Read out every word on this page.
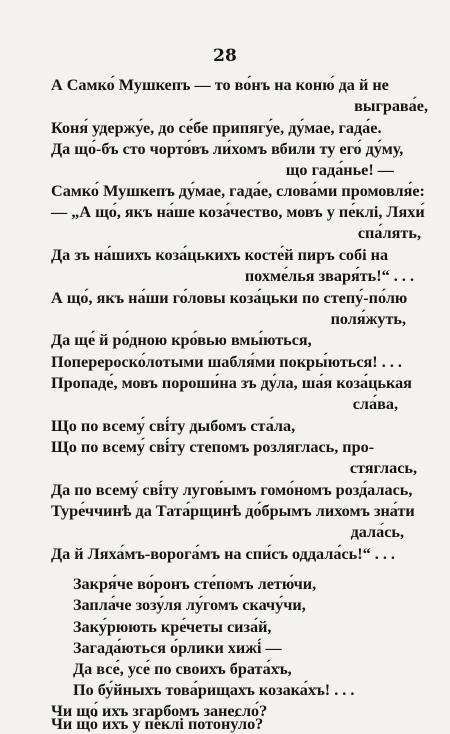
28
А Самко́ Мушкепъ — то во́нъ на коню́ да й не
выграва́е,
Коня́ удержу́е, до се́бе припягу́е, ду́мае, гада́е.
Да що́-бъ сто чорто́въ ли́хомъ вбили ту его́ ду́му,
що гада́нье! —
Самко́ Мушкепъ ду́мае, гада́е, слова́ми промовля́е:
— „А що́, якъ на́ше коза́чество, мовъ у пе́клі, Ляхи́
спа́лять,
Да зъ на́шихъ коза́цькихъ косте́й пиръ собі на
похме́лья зваря́ть!“ . . .
А що́, якъ на́ши го́ловы коза́цьки по степу́-по́лю
поля́жуть,
Да ще́ й ро́дною кро́вью вмы́ються,
Поперероско́лотыми шабля́ми покры́ються! . . .
Пропаде́, мовъ пороши́на зъ ду́ла, ша́я коза́цькая
сла́ва,
Що по всему́ сві́ту дыбомъ ста́ла,
Що по всему́ сві́ту степомъ розляглась, про-
стяглась,
Да по всему́ сві́ту лугов́ымъ гомо́номъ розд́алась,
Туре́ччинѣ да Тата́рщинѣ до́брымъ лихомъ зна́ти
дала́сь,
Да й Ляха́мъ-ворога́мъ на спи́съ оддала́сь!“ . . .
Закря́че во́ронъ сте́помъ летю́чи,
Запла́че зозу́ля лу́гомъ скачу́чи,
Заку́рюють кре́четы сиза́й,
Загада́ються о́рлики хижі́ —
Да все́, усе́ по своихъ брата́хъ,
По бу́йныхъ това́рищахъ козака́хъ! . . .
Чи що́ ихъ згарбомъ занесло́?
Чи що́ ихъ у пе́клі потону́ло?
